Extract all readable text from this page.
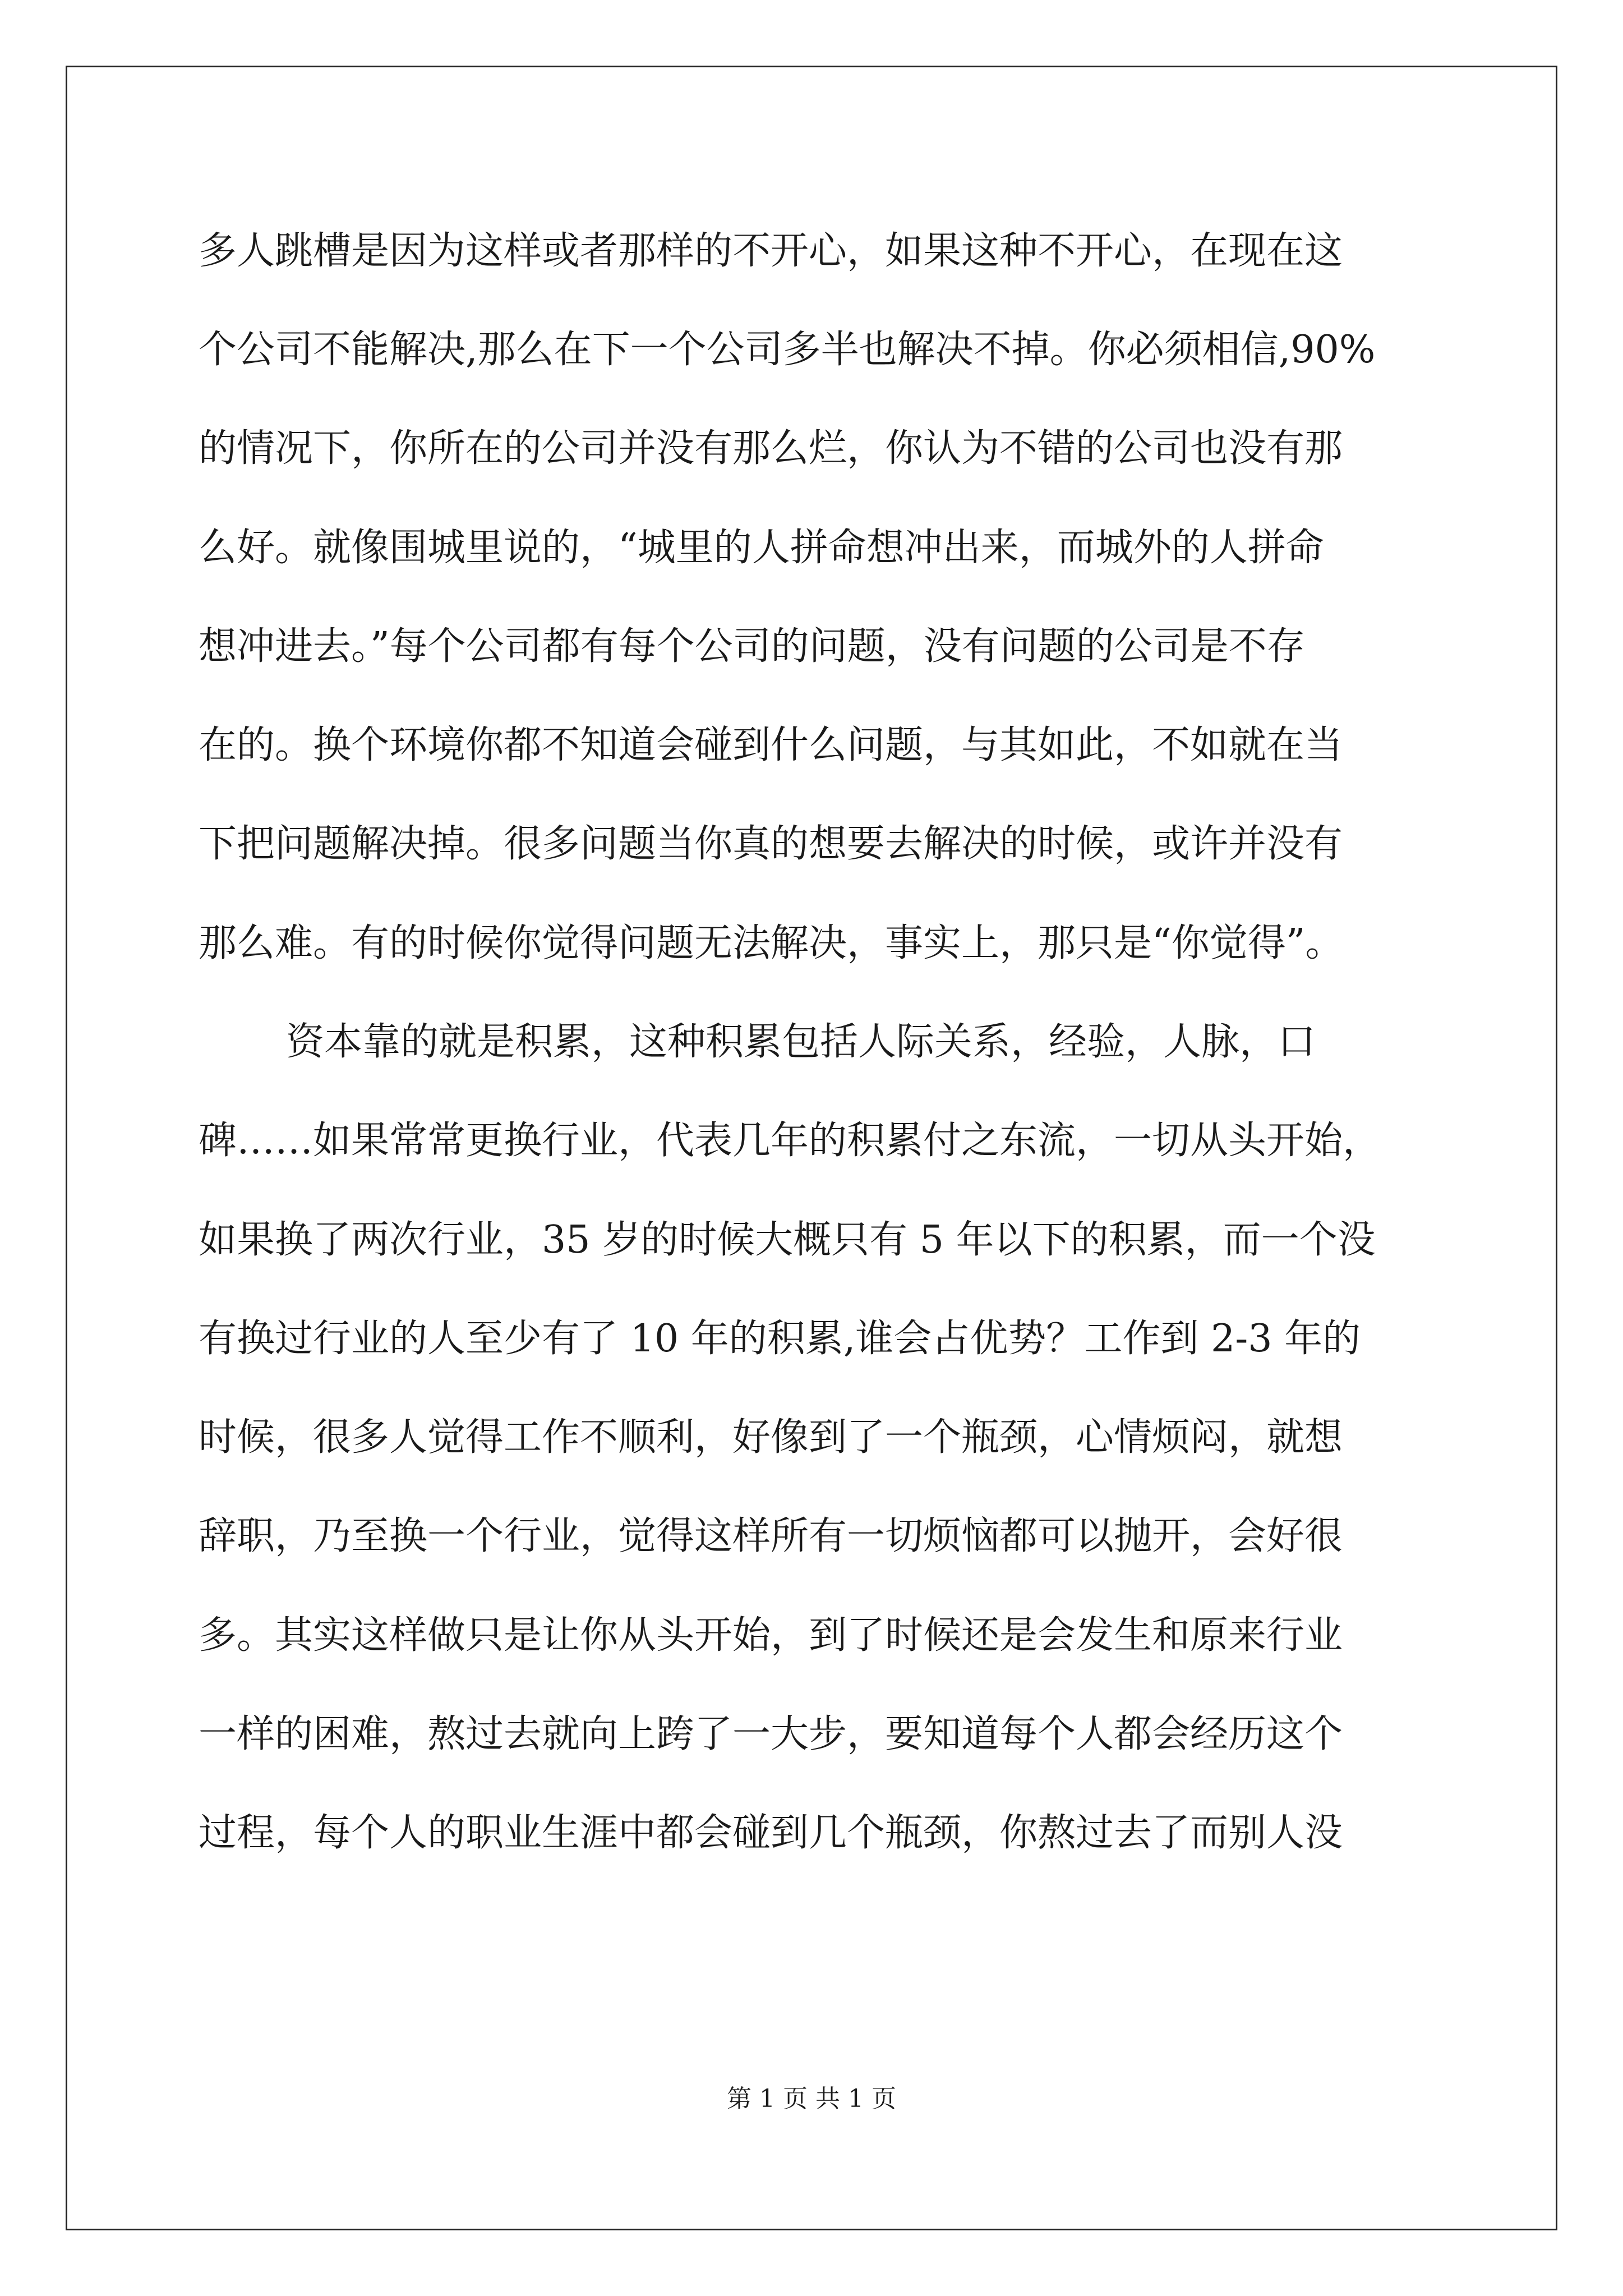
多人跳槽是因为这样或者那样的不开心，如果这种不开心，在现在这
个公司不能解决,那么在下一个公司多半也解决不掉。你必须相信,90%
的情况下，你所在的公司并没有那么烂，你认为不错的公司也没有那
么好。就像围城里说的，“城里的人拼命想冲出来，而城外的人拼命
想冲进去。”每个公司都有每个公司的问题，没有问题的公司是不存
在的。换个环境你都不知道会碰到什么问题，与其如此，不如就在当
下把问题解决掉。很多问题当你真的想要去解决的时候，或许并没有
那么难。有的时候你觉得问题无法解决，事实上，那只是“你觉得”。
资本靠的就是积累，这种积累包括人际关系，经验，人脉，口
碑……如果常常更换行业，代表几年的积累付之东流，一切从头开始，
如果换了两次行业，35 岁的时候大概只有 5 年以下的积累，而一个没
有换过行业的人至少有了 10 年的积累,谁会占优势？工作到 2-3 年的
时候，很多人觉得工作不顺利，好像到了一个瓶颈，心情烦闷，就想
辞职，乃至换一个行业，觉得这样所有一切烦恼都可以抛开，会好很
多。其实这样做只是让你从头开始，到了时候还是会发生和原来行业
一样的困难，熬过去就向上跨了一大步，要知道每个人都会经历这个
过程，每个人的职业生涯中都会碰到几个瓶颈，你熬过去了而别人没
第 1 页 共 1 页
